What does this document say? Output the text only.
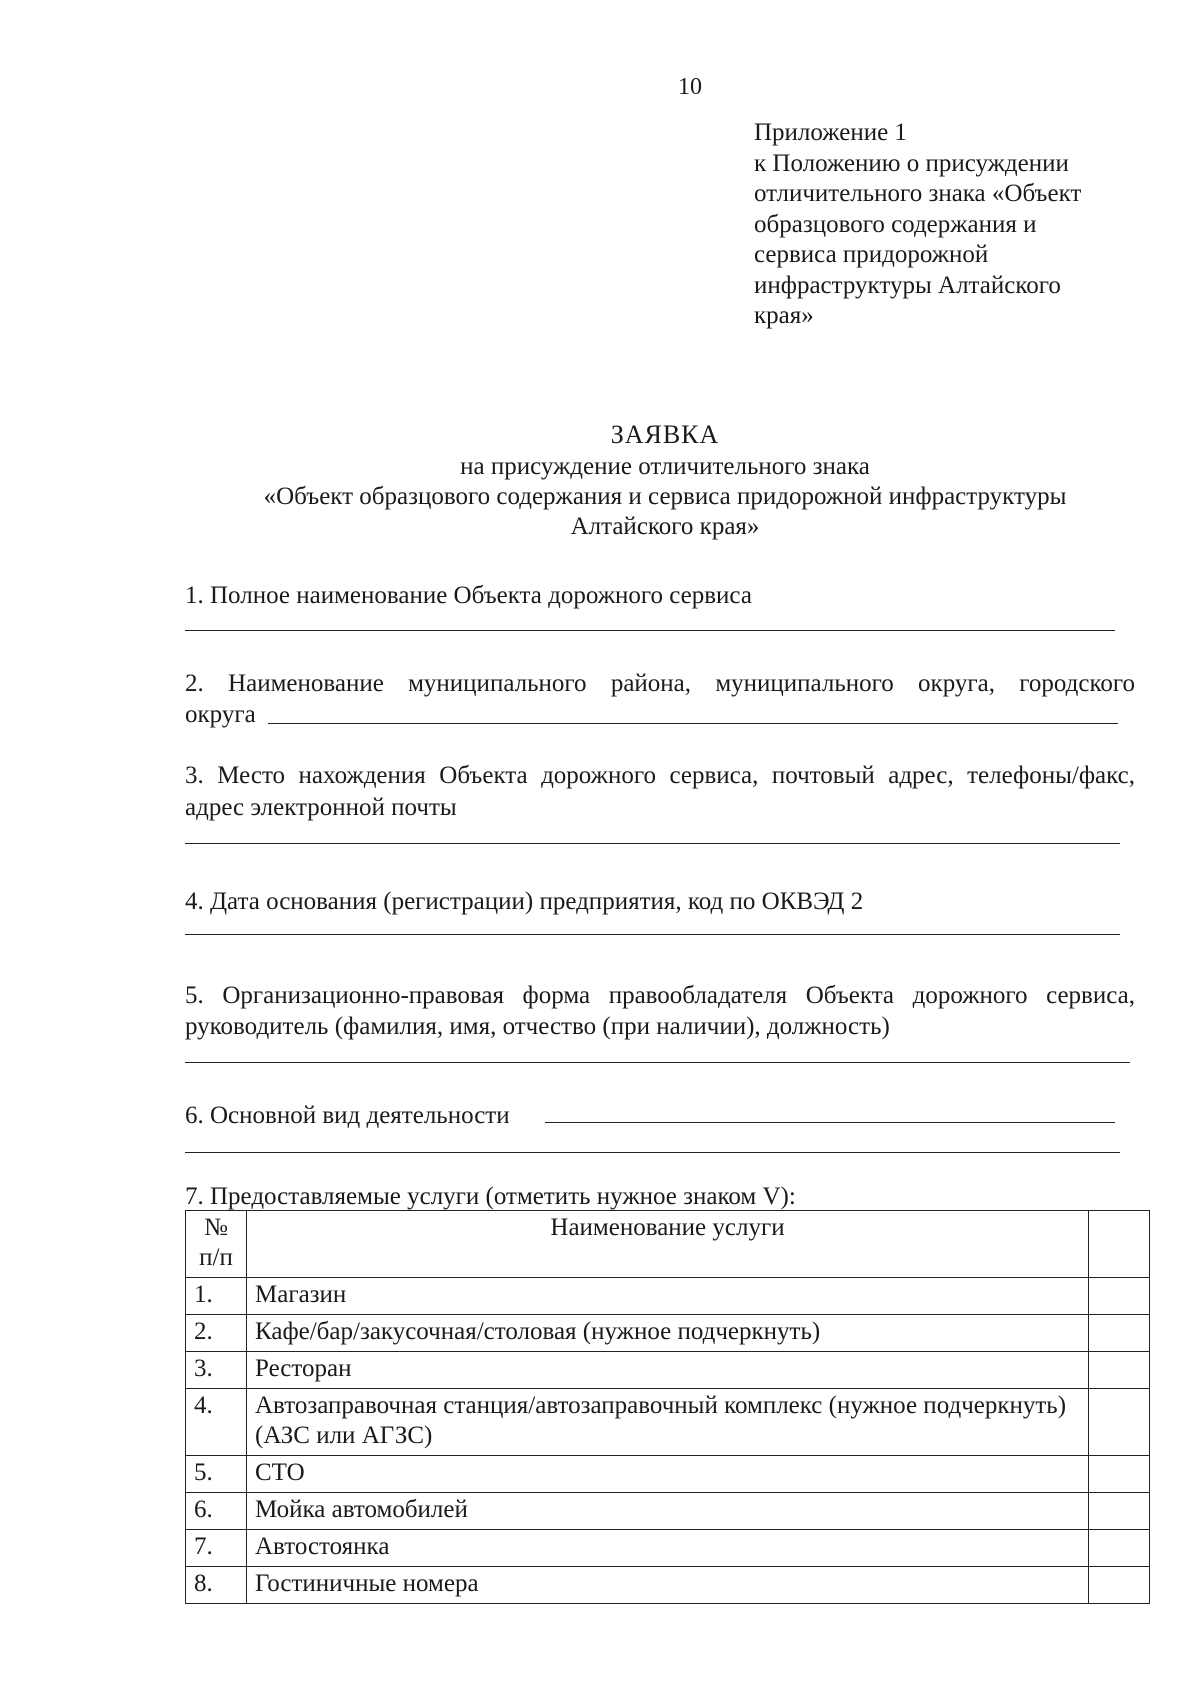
10
Приложение 1
к Положению о присуждении
отличительного знака «Объект
образцового содержания и
сервиса придорожной
инфраструктуры Алтайского
края»
ЗАЯВКА
на присуждение отличительного знака
«Объект образцового содержания и сервиса придорожной инфраструктуры
Алтайского края»
1. Полное наименование Объекта дорожного сервиса
2. Наименование муниципального района, муниципального округа, городского
округа
3. Место нахождения Объекта дорожного сервиса, почтовый адрес, телефоны/факс,
адрес электронной почты
4. Дата основания (регистрации) предприятия, код по ОКВЭД 2
5. Организационно-правовая форма правообладателя Объекта дорожного сервиса,
руководитель (фамилия, имя, отчество (при наличии), должность)
6. Основной вид деятельности
7. Предоставляемые услуги (отметить нужное знаком V):
№ п/п	Наименование услуги	
1.	Магазин	
2.	Кафе/бар/закусочная/столовая (нужное подчеркнуть)	
3.	Ресторан	
4.	Автозаправочная станция/автозаправочный комплекс (нужное подчеркнуть) (АЗС или АГЗС)	
5.	СТО	
6.	Мойка автомобилей	
7.	Автостоянка	
8.	Гостиничные номера	
